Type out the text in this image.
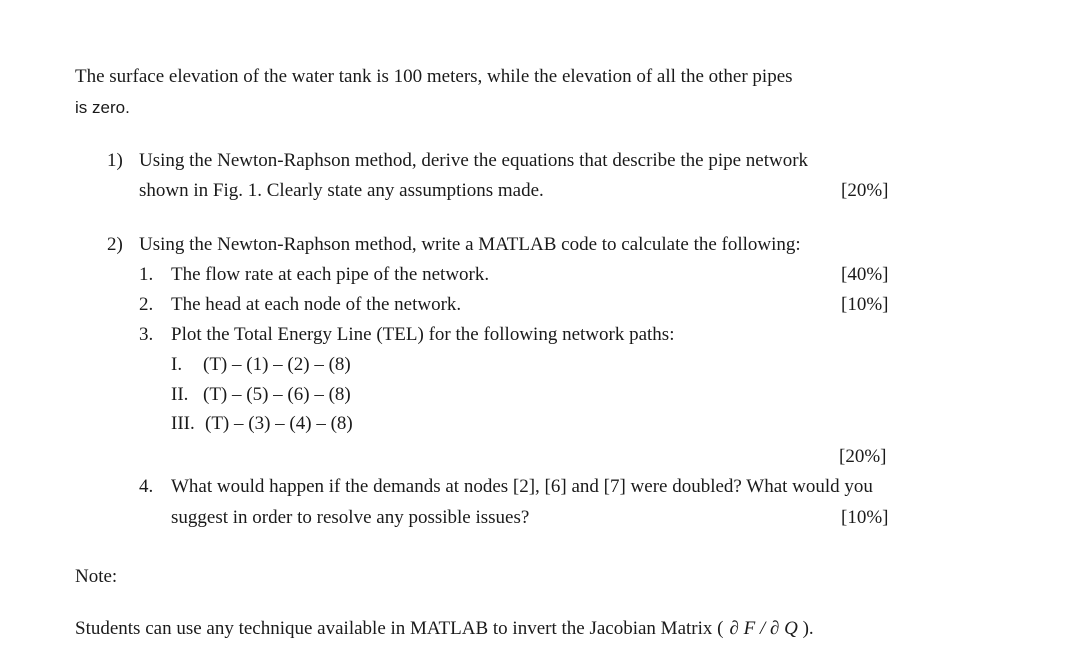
The surface elevation of the water tank is 100 meters, while the elevation of all the other pipes
is zero.
1) Using the Newton-Raphson method, derive the equations that describe the pipe network
shown in Fig. 1. Clearly state any assumptions made.	[20%]
2) Using the Newton-Raphson method, write a MATLAB code to calculate the following:
1. The flow rate at each pipe of the network.	[40%]
2. The head at each node of the network.	[10%]
3. Plot the Total Energy Line (TEL) for the following network paths:
I. (T) – (1) – (2) – (8)
II. (T) – (5) – (6) – (8)
III. (T) – (3) – (4) – (8)
[20%]
4. What would happen if the demands at nodes [2], [6] and [7] were doubled? What would you
suggest in order to resolve any possible issues?	[10%]
Note:
Students can use any technique available in MATLAB to invert the Jacobian Matrix ( ∂ F / ∂ Q ).
